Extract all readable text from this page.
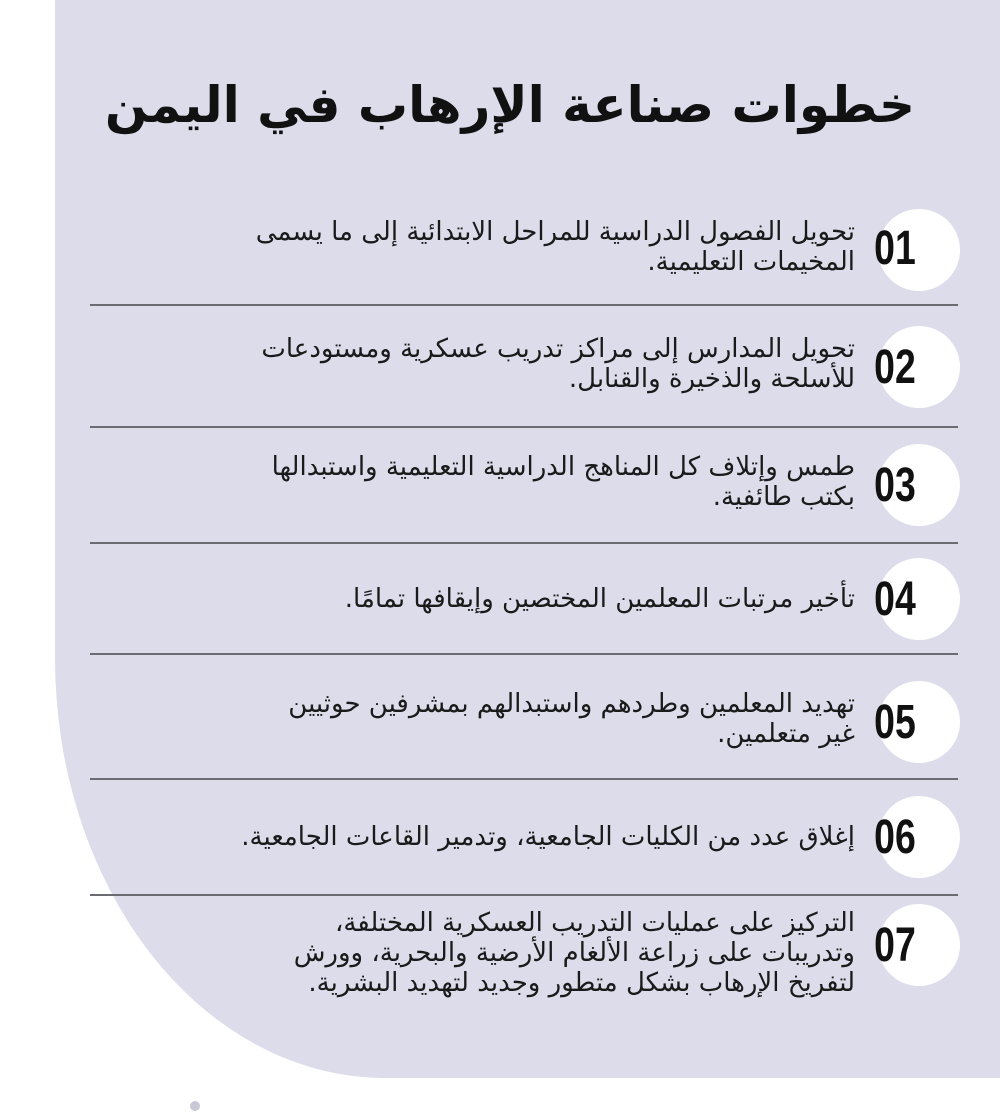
خطوات صناعة الإرهاب في اليمن
01
تحويل الفصول الدراسية للمراحل الابتدائية إلى ما يسمى
المخيمات التعليمية.
02
تحويل المدارس إلى مراكز تدريب عسكرية ومستودعات
للأسلحة والذخيرة والقنابل.
03
طمس وإتلاف كل المناهج الدراسية التعليمية واستبدالها
بكتب طائفية.
04
تأخير مرتبات المعلمين المختصين وإيقافها تمامًا.
05
تهديد المعلمين وطردهم واستبدالهم بمشرفين حوثيين
غير متعلمين.
06
إغلاق عدد من الكليات الجامعية، وتدمير القاعات الجامعية.
07
التركيز على عمليات التدريب العسكرية المختلفة،
وتدريبات على زراعة الألغام الأرضية والبحرية، وورش
لتفريخ الإرهاب بشكل متطور وجديد لتهديد البشرية.
